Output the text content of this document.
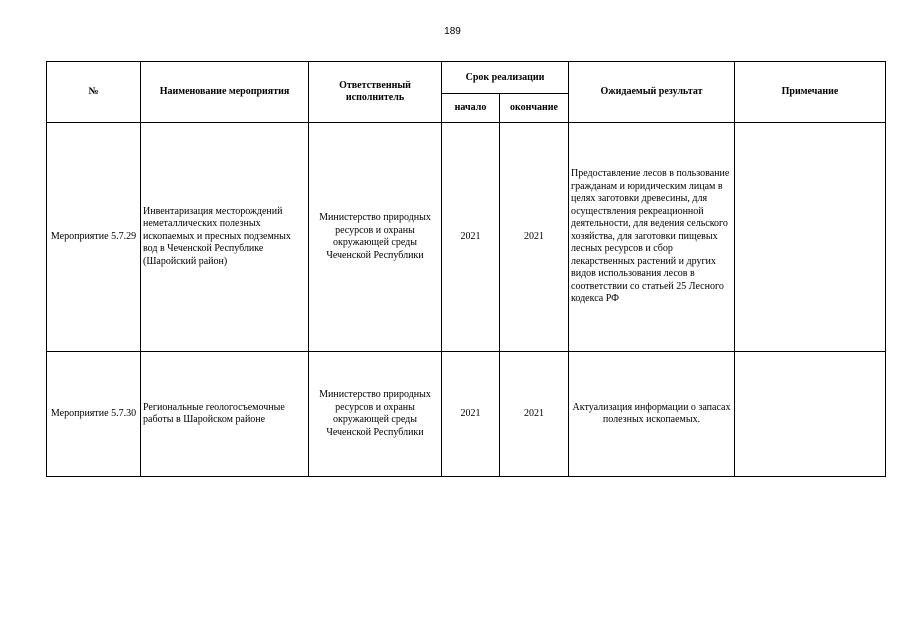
189
№	Наименование мероприятия	Ответственный исполнитель	Срок реализации		Ожидаемый результат	Примечание
			начало	окончание		
Мероприятие 5.7.29	Инвентаризация месторождений неметаллических полезных ископаемых и пресных подземных вод в Чеченской Республике (Шаройский район)	Министерство природных ресурсов и охраны окружающей среды Чеченской Республики	2021	2021	Предоставление лесов в пользование гражданам и юридическим лицам в целях заготовки древесины, для осуществления рекреационной деятельности, для ведения сельского хозяйства, для заготовки пищевых лесных ресурсов и сбор лекарственных растений и других видов использования лесов в соответствии со статьей 25 Лесного кодекса РФ	
Мероприятие 5.7.30	Региональные геологосъемочные работы в Шаройском районе	Министерство природных ресурсов и охраны окружающей среды Чеченской Республики	2021	2021	Актуализация информации о запасах полезных ископаемых.	
